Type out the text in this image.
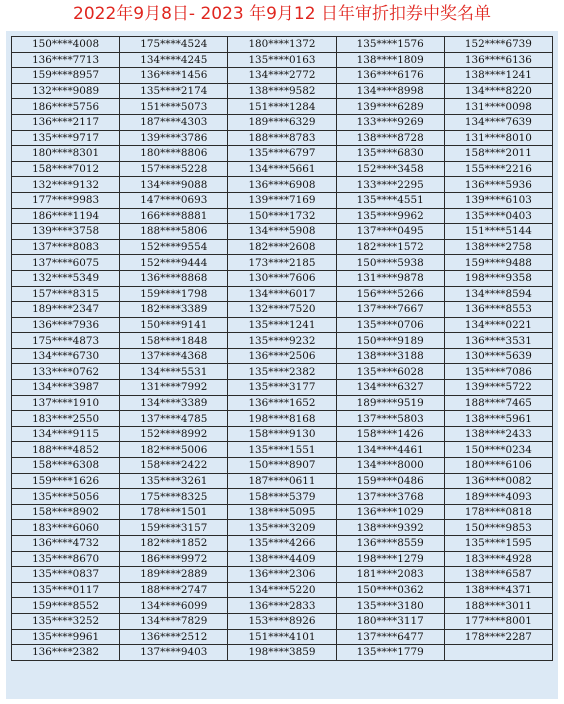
2022年9月8日- 2023 年9月12 日年审折扣券中奖名单
150****4008	175****4524	180****1372	135****1576	152****6739
136****7713	134****4245	135****0163	138****1809	136****6136
159****8957	136****1456	134****2772	136****6176	138****1241
132****9089	135****2174	138****9582	134****8998	134****8220
186****5756	151****5073	151****1284	139****6289	131****0098
136****2117	187****4303	189****6329	133****9269	134****7639
135****9717	139****3786	188****8783	138****8728	131****8010
180****8301	180****8806	135****6797	135****6830	158****2011
158****7012	157****5228	134****5661	152****3458	155****2216
132****9132	134****9088	136****6908	133****2295	136****5936
177****9983	147****0693	139****7169	135****4551	139****6103
186****1194	166****8881	150****1732	135****9962	135****0403
139****3758	188****5806	134****5908	137****0495	151****5144
137****8083	152****9554	182****2608	182****1572	138****2758
137****6075	152****9444	173****2185	150****5938	159****9488
132****5349	136****8868	130****7606	131****9878	198****9358
157****8315	159****1798	134****6017	156****5266	134****8594
189****2347	182****3389	132****7520	137****7667	136****8553
136****7936	150****9141	135****1241	135****0706	134****0221
175****4873	158****1848	135****9232	150****9189	136****3531
134****6730	137****4368	136****2506	138****3188	130****5639
133****0762	134****5531	135****2382	135****6028	135****7086
134****3987	131****7992	135****3177	134****6327	139****5722
137****1910	134****3389	136****1652	189****9519	188****7465
183****2550	137****4785	198****8168	137****5803	138****5961
134****9115	152****8992	158****9130	158****1426	138****2433
188****4852	182****5006	135****1551	134****4461	150****0234
158****6308	158****2422	150****8907	134****8000	180****6106
159****1626	135****3261	187****0611	159****0486	136****0082
135****5056	175****8325	158****5379	137****3768	189****4093
158****8902	178****1501	138****5095	136****1029	178****0818
183****6060	159****3157	135****3209	138****9392	150****9853
136****4732	182****1852	135****4266	136****8559	135****1595
135****8670	186****9972	138****4409	198****1279	183****4928
135****0837	189****2889	136****2306	181****2083	138****6587
135****0117	188****2747	134****5220	150****0362	138****4371
159****8552	134****6099	136****2833	135****3180	188****3011
135****3252	134****7829	153****8926	180****3117	177****8001
135****9961	136****2512	151****4101	137****6477	178****2287
136****2382	137****9403	198****3859	135****1779	
